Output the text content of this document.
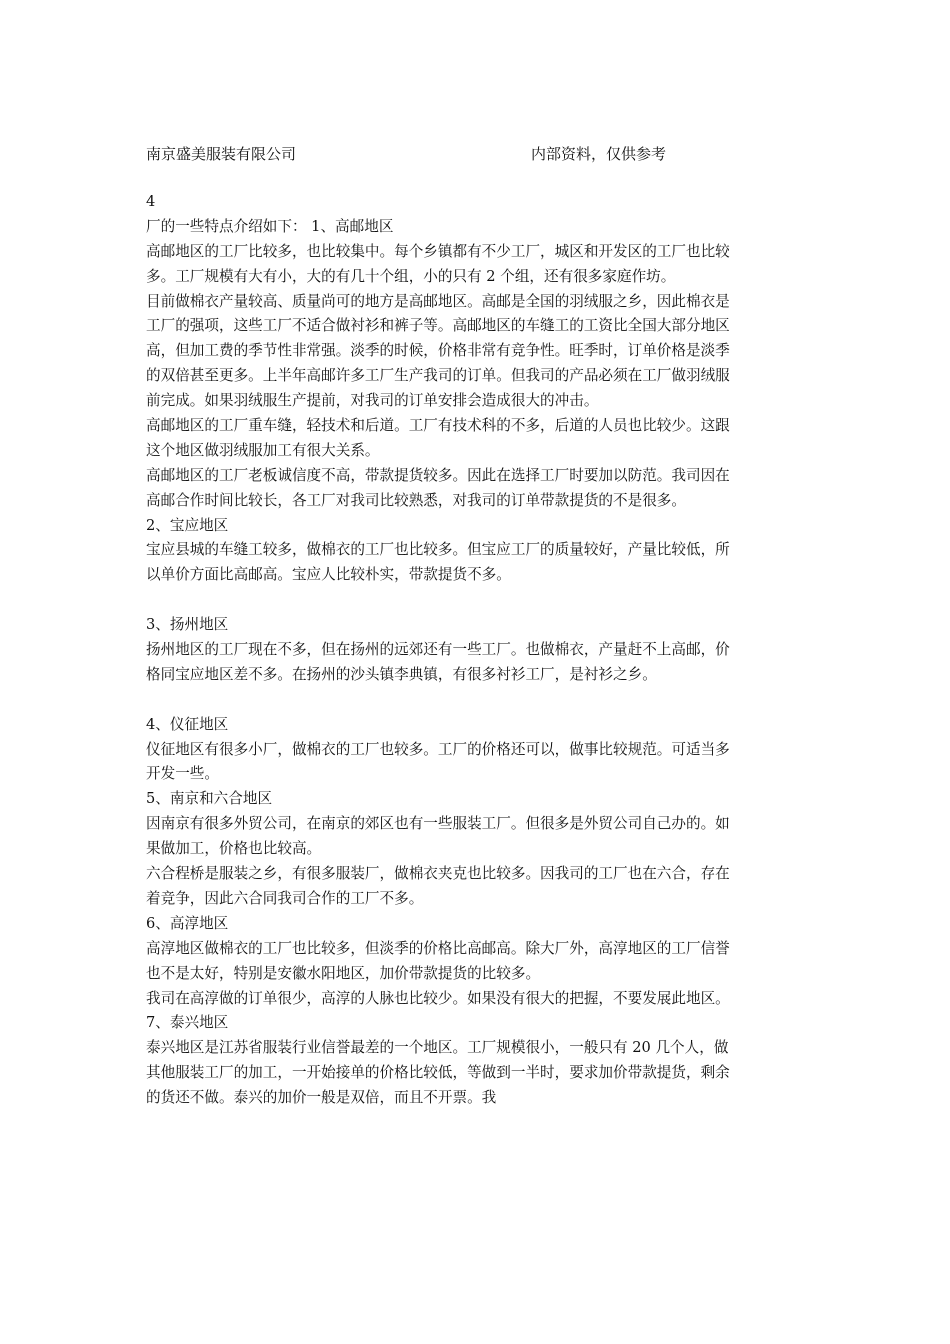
南京盛美服装有限公司	内部资料，仅供参考
4
厂的一些特点介绍如下： 1、高邮地区
高邮地区的工厂比较多，也比较集中。每个乡镇都有不少工厂，城区和开发区的工厂也比较
多。工厂规模有大有小，大的有几十个组，小的只有 2 个组，还有很多家庭作坊。
目前做棉衣产量较高、质量尚可的地方是高邮地区。高邮是全国的羽绒服之乡，因此棉衣是
工厂的强项，这些工厂不适合做衬衫和裤子等。高邮地区的车缝工的工资比全国大部分地区
高，但加工费的季节性非常强。淡季的时候，价格非常有竞争性。旺季时，订单价格是淡季
的双倍甚至更多。上半年高邮许多工厂生产我司的订单。但我司的产品必须在工厂做羽绒服
前完成。如果羽绒服生产提前，对我司的订单安排会造成很大的冲击。
高邮地区的工厂重车缝，轻技术和后道。工厂有技术科的不多，后道的人员也比较少。这跟
这个地区做羽绒服加工有很大关系。
高邮地区的工厂老板诚信度不高，带款提货较多。因此在选择工厂时要加以防范。我司因在
高邮合作时间比较长，各工厂对我司比较熟悉，对我司的订单带款提货的不是很多。
2、宝应地区
宝应县城的车缝工较多，做棉衣的工厂也比较多。但宝应工厂的质量较好，产量比较低，所
以单价方面比高邮高。宝应人比较朴实，带款提货不多。
3、扬州地区
扬州地区的工厂现在不多，但在扬州的远郊还有一些工厂。也做棉衣，产量赶不上高邮，价
格同宝应地区差不多。在扬州的沙头镇李典镇，有很多衬衫工厂，是衬衫之乡。
4、仪征地区
仪征地区有很多小厂，做棉衣的工厂也较多。工厂的价格还可以，做事比较规范。可适当多
开发一些。
5、南京和六合地区
因南京有很多外贸公司，在南京的郊区也有一些服装工厂。但很多是外贸公司自己办的。如
果做加工，价格也比较高。
六合程桥是服装之乡，有很多服装厂，做棉衣夹克也比较多。因我司的工厂也在六合，存在
着竞争，因此六合同我司合作的工厂不多。
6、高淳地区
高淳地区做棉衣的工厂也比较多，但淡季的价格比高邮高。除大厂外，高淳地区的工厂信誉
也不是太好，特别是安徽水阳地区，加价带款提货的比较多。
我司在高淳做的订单很少，高淳的人脉也比较少。如果没有很大的把握，不要发展此地区。
7、泰兴地区
泰兴地区是江苏省服装行业信誉最差的一个地区。工厂规模很小，一般只有 20 几个人，做
其他服装工厂的加工，一开始接单的价格比较低，等做到一半时，要求加价带款提货，剩余
的货还不做。泰兴的加价一般是双倍，而且不开票。我
